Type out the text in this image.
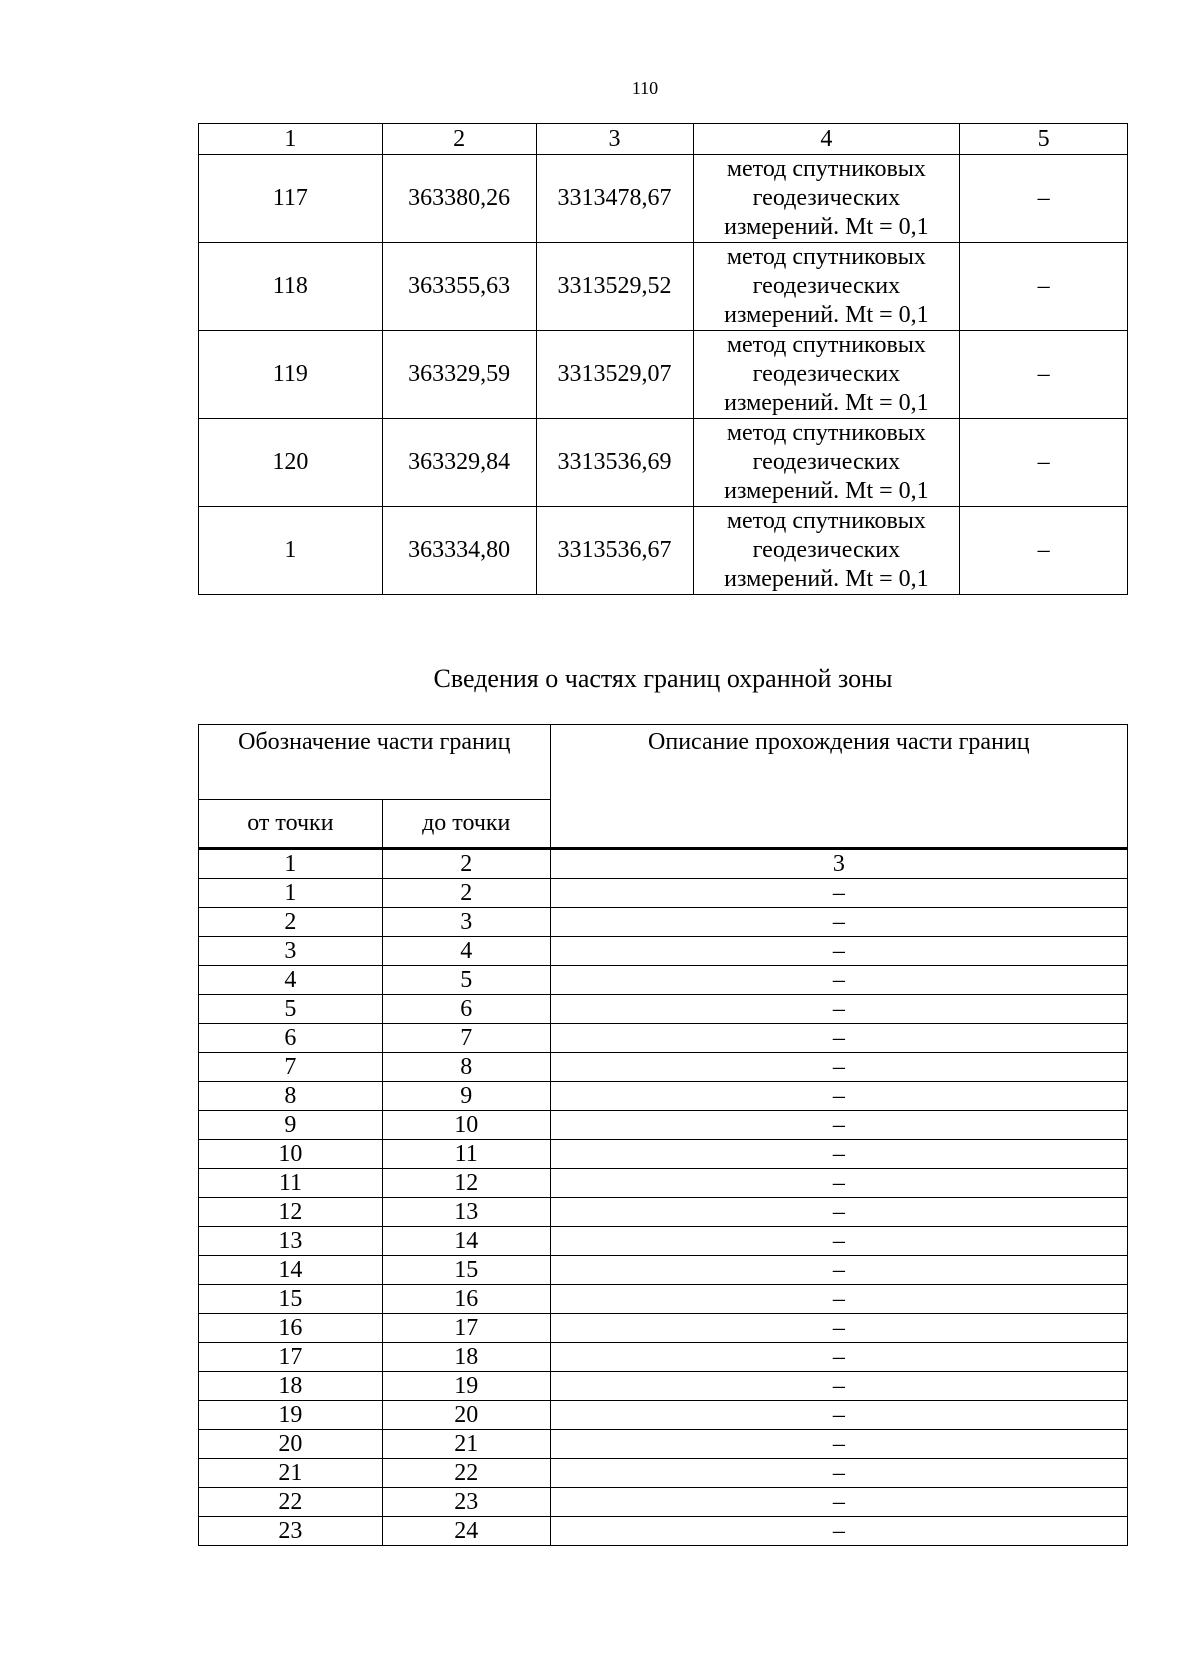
110
1	2	3	4	5
117	363380,26	3313478,67	метод спутниковых
геодезических
измерений. Mt = 0,1	–
118	363355,63	3313529,52	метод спутниковых
геодезических
измерений. Mt = 0,1	–
119	363329,59	3313529,07	метод спутниковых
геодезических
измерений. Mt = 0,1	–
120	363329,84	3313536,69	метод спутниковых
геодезических
измерений. Mt = 0,1	–
1	363334,80	3313536,67	метод спутниковых
геодезических
измерений. Mt = 0,1	–
Сведения о частях границ охранной зоны
Обозначение части границ		Описание прохождения части границ
от точки	до точки	
1	2	3
1	2	–
2	3	–
3	4	–
4	5	–
5	6	–
6	7	–
7	8	–
8	9	–
9	10	–
10	11	–
11	12	–
12	13	–
13	14	–
14	15	–
15	16	–
16	17	–
17	18	–
18	19	–
19	20	–
20	21	–
21	22	–
22	23	–
23	24	–
